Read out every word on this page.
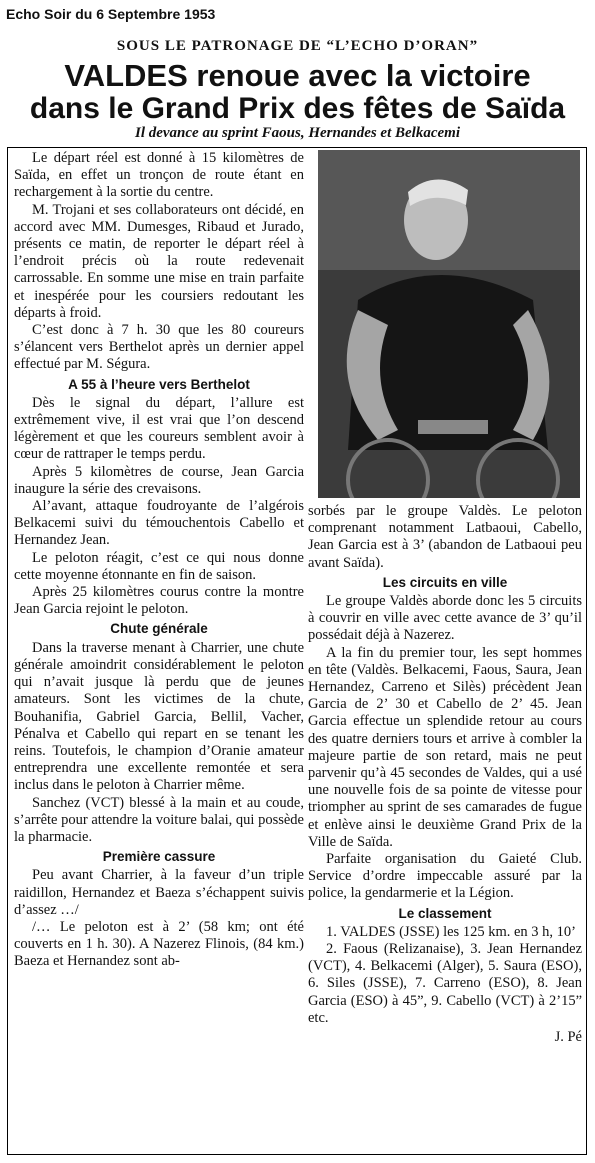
Echo Soir du 6 Septembre 1953
SOUS LE PATRONAGE DE “L’ECHO D’ORAN”
VALDES renoue avec la victoire
dans le Grand Prix des fêtes de Saïda
Il devance au sprint Faous, Hernandes et Belkacemi

Le départ réel est donné à 15 kilomètres de Saïda, en effet un tronçon de route étant en rechargement à la sortie du centre.

M. Trojani et ses collaborateurs ont décidé, en accord avec MM. Dumesges, Ribaud et Jurado, présents ce matin, de reporter le départ réel à l’endroit précis où la route redevenait carrossable. En somme une mise en train parfaite et inespérée pour les coursiers redoutant les départs à froid.

C’est donc à 7 h. 30 que les 80 coureurs s’élancent vers Berthelot après un dernier appel effectué par M. Ségura.

A 55 à l’heure vers Berthelot

Dès le signal du départ, l’allure est extrêmement vive, il est vrai que l’on descend légèrement et que les coureurs semblent avoir à cœur de rattraper le temps perdu.

Après 5 kilomètres de course, Jean Garcia inaugure la série des crevaisons.

Al’avant, attaque foudroyante de l’algérois Belkacemi suivi du témouchentois Cabello et Hernandez Jean.

Le peloton réagit, c’est ce qui nous donne cette moyenne étonnante en fin de saison.

Après 25 kilomètres courus contre la montre Jean Garcia rejoint le peloton.

Chute générale

Dans la traverse menant à Charrier, une chute générale amoindrit considérablement le peloton qui n’avait jusque là perdu que de jeunes amateurs. Sont les victimes de la chute, Bouhanifia, Gabriel Garcia, Bellil, Vacher, Pénalva et Cabello qui repart en se tenant les reins. Toutefois, le champion d’Oranie amateur entreprendra une excellente remontée et sera inclus dans le peloton à Charrier même.

Sanchez (VCT) blessé à la main et au coude, s’arrête pour attendre la voiture balai, qui possède la pharmacie.

Première cassure

Peu avant Charrier, à la faveur d’un triple raidillon, Hernandez et Baeza s’échappent suivis d’assez …/

/… Le peloton est à 2’ (58 km; ont été couverts en 1 h. 30). A Nazerez Flinois, (84 km.) Baeza et Hernandez sont ab-

sorbés par le groupe Valdès. Le peloton comprenant notamment Latbaoui, Cabello, Jean Garcia est à 3’ (abandon de Latbaoui peu avant Saïda).

Les circuits en ville

Le groupe Valdès aborde donc les 5 circuits à couvrir en ville avec cette avance de 3’ qu’il possédait déjà à Nazerez.

A la fin du premier tour, les sept hommes en tête (Valdès. Belkacemi, Faous, Saura, Jean Hernandez, Carreno et Silès) précèdent Jean Garcia de 2’ 30 et Cabello de 2’ 45. Jean Garcia effectue un splendide retour au cours des quatre derniers tours et arrive à combler la majeure partie de son retard, mais ne peut parvenir qu’à 45 secondes de Valdes, qui a usé une nouvelle fois de sa pointe de vitesse pour triompher au sprint de ses camarades de fugue et enlève ainsi le deuxième Grand Prix de la Ville de Saïda.

Parfaite organisation du Gaieté Club. Service d’ordre impeccable assuré par la police, la gendarmerie et la Légion.

Le classement

1. VALDES (JSSE) les 125 km. en 3 h, 10’

2. Faous (Relizanaise), 3. Jean Hernandez (VCT), 4. Belkacemi (Alger), 5. Saura (ESO), 6. Siles (JSSE), 7. Carreno (ESO), 8. Jean Garcia (ESO) à 45”, 9. Cabello (VCT) à 2’15” etc.

J. Pé
